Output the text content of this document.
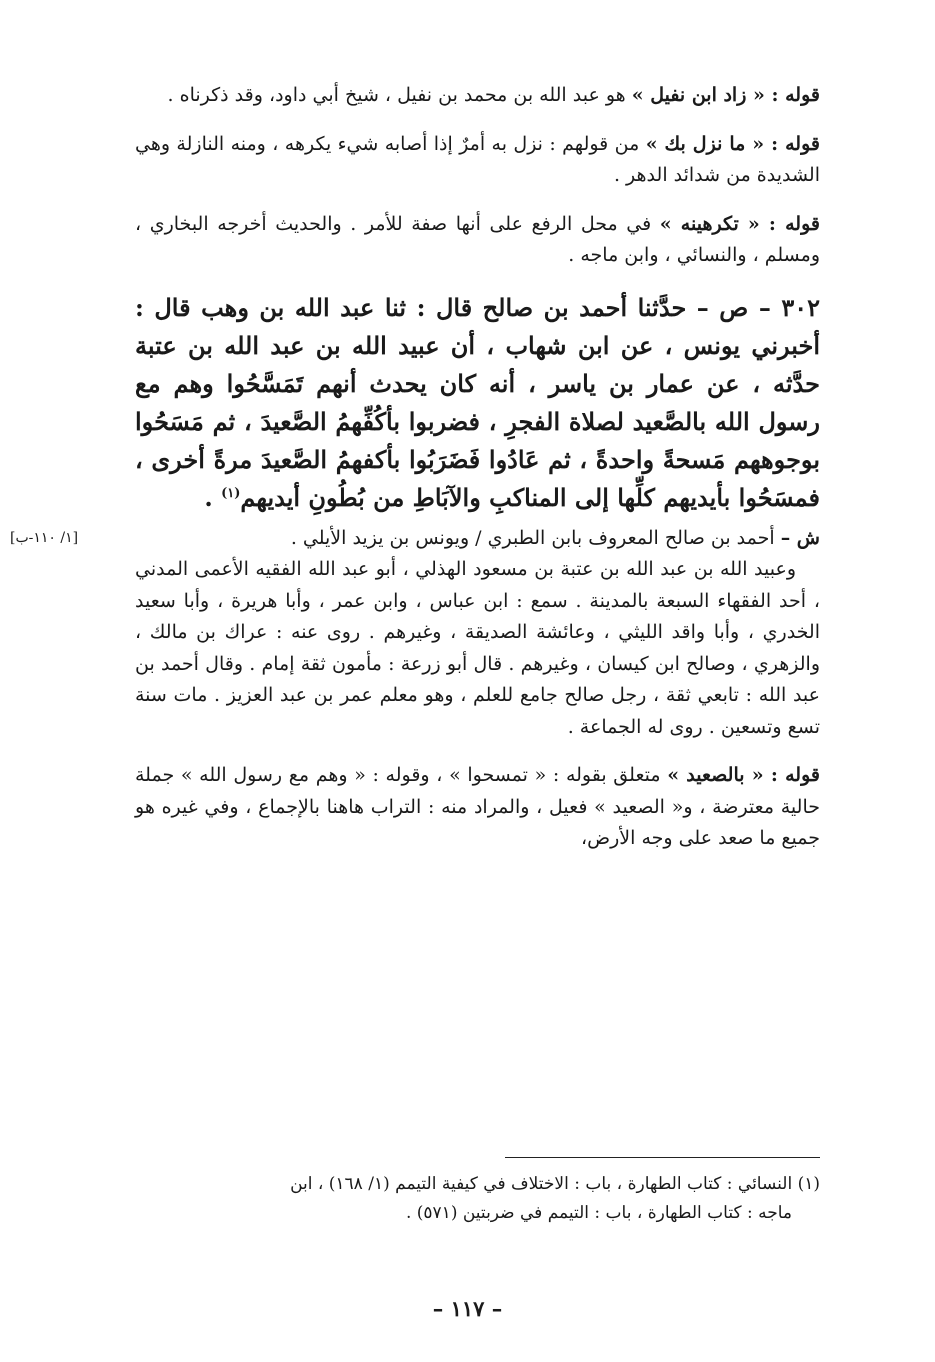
قوله : « زاد ابن نفيل » هو عبد الله بن محمد بن نفيل ، شيخ أبي داود، وقد ذكرناه .

قوله : « ما نزل بك » من قولهم : نزل به أمرٌ إذا أصابه شيء يكرهه ، ومنه النازلة وهي الشديدة من شدائد الدهر .

قوله : « تكرهينه » في محل الرفع على أنها صفة للأمر . والحديث أخرجه البخاري ، ومسلم ، والنسائي ، وابن ماجه .

٣٠٢ – ص – حدَّثنا أحمد بن صالح قال : ثنا عبد الله بن وهب قال : أخبرني يونس ، عن ابن شهاب ، أن عبيد الله بن عبد الله بن عتبة حدَّثه ، عن عمار بن ياسر ، أنه كان يحدث أنهم تَمَسَّحُوا وهم مع رسول الله بالصَّعيد لصلاة الفجرِ ، فضربوا بأكُفِّهمُ الصَّعيدَ ، ثم مَسَحُوا بوجوههم مَسحةً واحدةً ، ثم عَادُوا فَضَرَبُوا بأكفهمُ الصَّعيدَ مرةً أخرى ، فمسَحُوا بأيديهم كلِّها إلى المناكبِ والآبَاطِ من بُطُونِ أيديهم$^{(١)}$ .

ش – أحمد بن صالح المعروف بابن الطبري / ويونس بن يزيد الأيلي .
[١/ ١١٠-ب]

وعبيد الله بن عبد الله بن عتبة بن مسعود الهذلي ، أبو عبد الله الفقيه الأعمى المدني ، أحد الفقهاء السبعة بالمدينة . سمع : ابن عباس ، وابن عمر ، وأبا هريرة ، وأبا سعيد الخدري ، وأبا واقد الليثي ، وعائشة الصديقة ، وغيرهم . روى عنه : عراك بن مالك ، والزهري ، وصالح ابن كيسان ، وغيرهم . قال أبو زرعة : مأمون ثقة إمام . وقال أحمد بن عبد الله : تابعي ثقة ، رجل صالح جامع للعلم ، وهو معلم عمر بن عبد العزيز . مات سنة تسع وتسعين . روى له الجماعة .

قوله : « بالصعيد » متعلق بقوله : « تمسحوا » ، وقوله : « وهم مع رسول الله » جملة حالية معترضة ، و« الصعيد » فعيل ، والمراد منه : التراب هاهنا بالإجماع ، وفي غيره هو جميع ما صعد على وجه الأرض،

(١) النسائي : كتاب الطهارة ، باب : الاختلاف في كيفية التيمم (١/ ١٦٨) ، ابن
ماجه : كتاب الطهارة ، باب : التيمم في ضربتين (٥٧١) .
– ١١٧ –
